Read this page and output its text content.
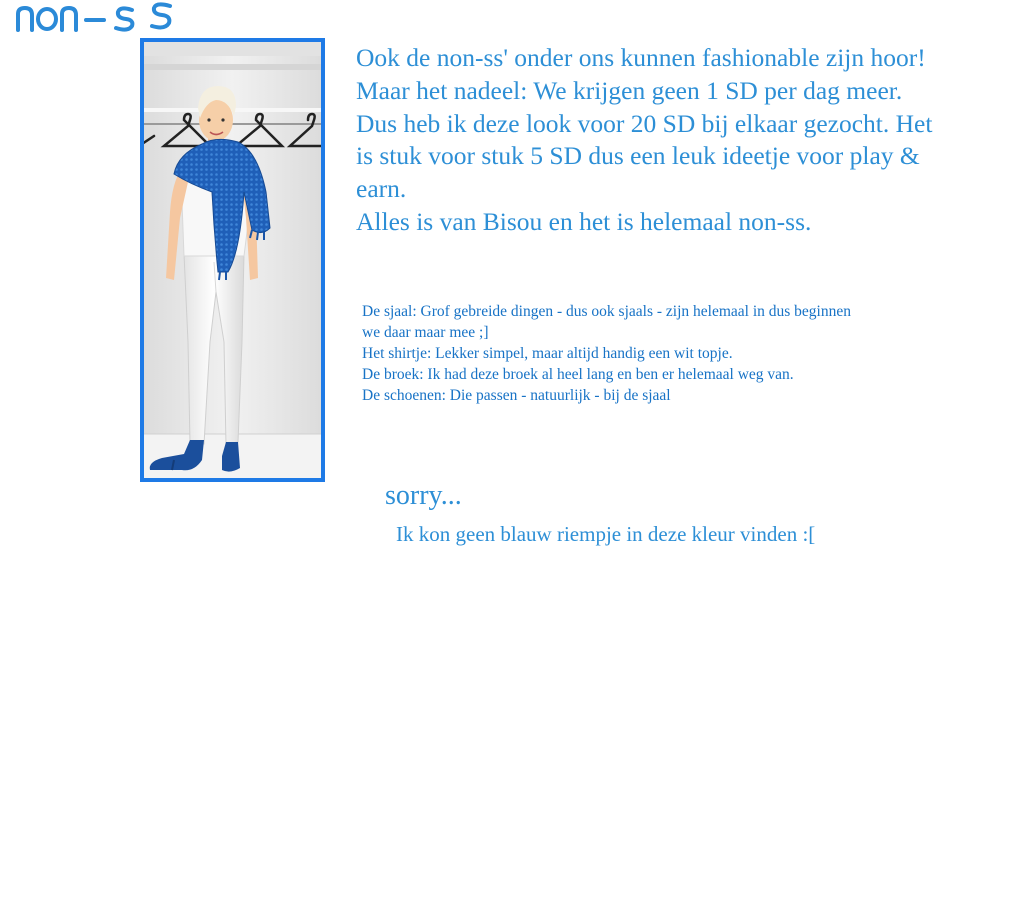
Ook de non-ss' onder ons kunnen fashionable zijn hoor!

Maar het nadeel: We krijgen geen 1 SD per dag meer. Dus heb ik deze look voor 20 SD bij elkaar gezocht. Het is stuk voor stuk 5 SD dus een leuk ideetje voor play & earn.

Alles is van Bisou en het is helemaal non-ss.

De sjaal: Grof gebreide dingen - dus ook sjaals - zijn helemaal in dus beginnen we daar maar mee ;]

Het shirtje: Lekker simpel, maar altijd handig een wit topje.

De broek: Ik had deze broek al heel lang en ben er helemaal weg van.

De schoenen: Die passen - natuurlijk - bij de sjaal

sorry...
Ik kon geen blauw riempje in deze kleur vinden :[
